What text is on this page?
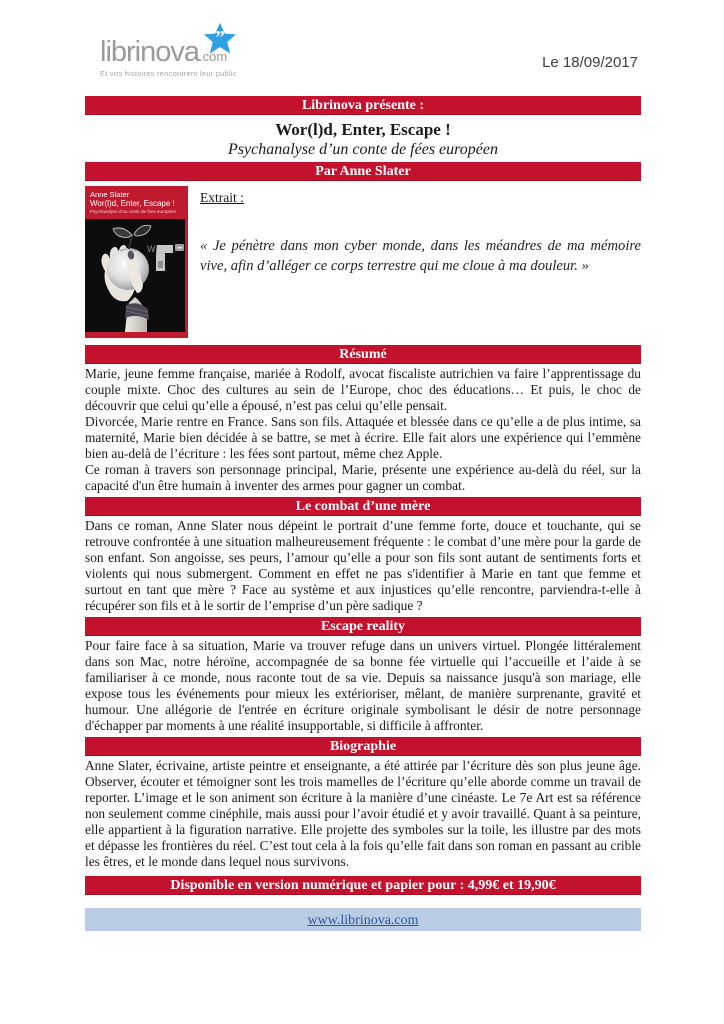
librinova.com
”
Et vos histoires rencontrent leur public
Le 18/09/2017
Librinova présente :
Wor(l)d, Enter, Escape !
Psychanalyse d’un conte de fées européen
Par Anne Slater
Anne Slater
Wor(l)d, Enter, Escape !
Psychanalyse d’un conte de fées européen
W
Extrait :
« Je pénètre dans mon cyber monde, dans les méandres de ma mémoire vive, afin d’alléger ce corps terrestre qui me cloue à ma douleur. »
Résumé

Marie, jeune femme française, mariée à Rodolf, avocat fiscaliste autrichien va faire l’apprentissage du couple mixte. Choc des cultures au sein de l’Europe, choc des éducations… Et puis, le choc de découvrir que celui qu’elle a épousé, n’est pas celui qu’elle pensait.

Divorcée, Marie rentre en France. Sans son fils. Attaquée et blessée dans ce qu’elle a de plus intime, sa maternité, Marie bien décidée à se battre, se met à écrire. Elle fait alors une expérience qui l’emmène bien au-delà de l’écriture : les fées sont partout, même chez Apple.

Ce roman à travers son personnage principal, Marie, présente une expérience au-delà du réel, sur la capacité d'un être humain à inventer des armes pour gagner un combat.

Le combat d’une mère

Dans ce roman, Anne Slater nous dépeint le portrait d’une femme forte, douce et touchante, qui se retrouve confrontée à une situation malheureusement fréquente : le combat d’une mère pour la garde de son enfant. Son angoisse, ses peurs, l’amour qu’elle a pour son fils sont autant de sentiments forts et violents qui nous submergent. Comment en effet ne pas s'identifier à Marie en tant que femme et surtout en tant que mère ? Face au système et aux injustices qu’elle rencontre, parviendra-t-elle à récupérer son fils et à le sortir de l’emprise d’un père sadique ?

Escape reality

Pour faire face à sa situation, Marie va trouver refuge dans un univers virtuel. Plongée littéralement dans son Mac, notre héroïne, accompagnée de sa bonne fée virtuelle qui l’accueille et l’aide à se familiariser à ce monde, nous raconte tout de sa vie. Depuis sa naissance jusqu'à son mariage, elle expose tous les événements pour mieux les extérioriser, mêlant, de manière surprenante, gravité et humour. Une allégorie de l'entrée en écriture originale symbolisant le désir de notre personnage d'échapper par moments à une réalité insupportable, si difficile à affronter.

Biographie

Anne Slater, écrivaine, artiste peintre et enseignante, a été attirée par l’écriture dès son plus jeune âge. Observer, écouter et témoigner sont les trois mamelles de l’écriture qu’elle aborde comme un travail de reporter. L’image et le son animent son écriture à la manière d’une cinéaste. Le 7e Art est sa référence non seulement comme cinéphile, mais aussi pour l’avoir étudié et y avoir travaillé. Quant à sa peinture, elle appartient à la figuration narrative. Elle projette des symboles sur la toile, les illustre par des mots et dépasse les frontières du réel. C’est tout cela à la fois qu’elle fait dans son roman en passant au crible les êtres, et le monde dans lequel nous survivons.

Disponible en version numérique et papier pour : 4,99€ et 19,90€
www.librinova.com
